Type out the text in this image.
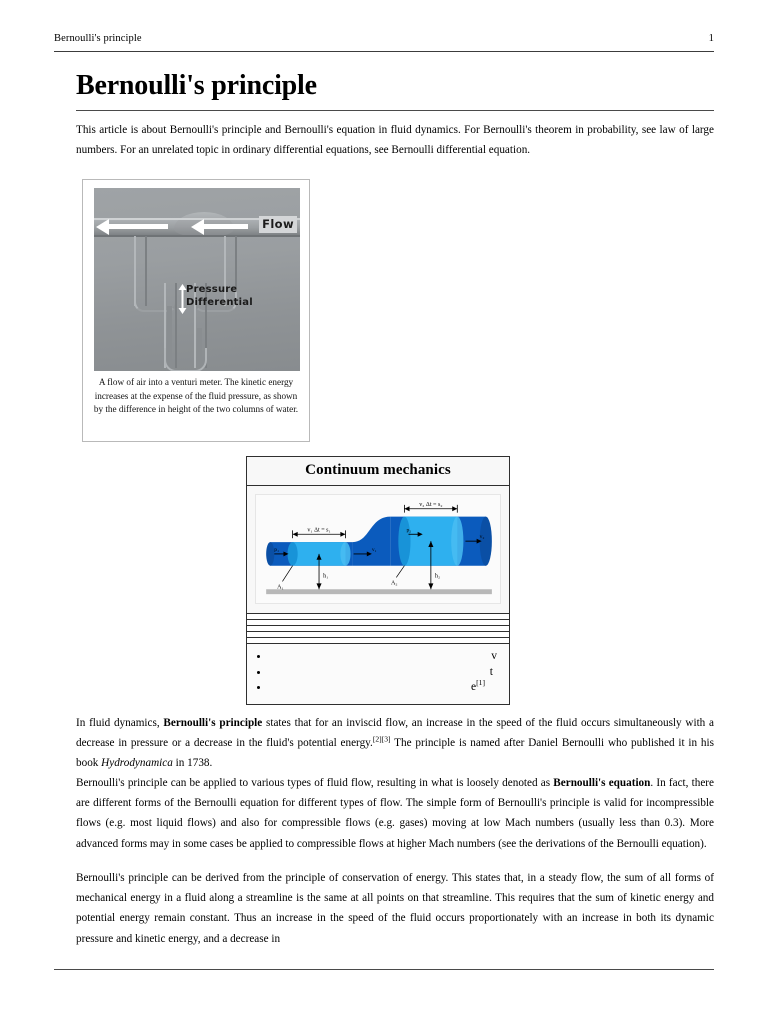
Bernoulli's principle	1
Bernoulli's principle
This article is about Bernoulli's principle and Bernoulli's equation in fluid dynamics. For Bernoulli's theorem in probability, see law of large numbers. For an unrelated topic in ordinary differential equations, see Bernoulli differential equation.
Flow
Pressure
Differential
A flow of air into a venturi meter. The kinetic energy increases at the expense of the fluid pressure, as shown by the difference in height of the two columns of water.
Continuum mechanics
v₁ Δt = s₁
v₂ Δt = s₂
A₁
A₂
h₁	h₂
p₁	v₁
p₂
v₂
• v
• t
• e[1]
In fluid dynamics, Bernoulli's principle states that for an inviscid flow, an increase in the speed of the fluid occurs simultaneously with a decrease in pressure or a decrease in the fluid's potential energy.[2][3] The principle is named after Daniel Bernoulli who published it in his book Hydrodynamica in 1738.
Bernoulli's principle can be applied to various types of fluid flow, resulting in what is loosely denoted as Bernoulli's equation. In fact, there are different forms of the Bernoulli equation for different types of flow. The simple form of Bernoulli's principle is valid for incompressible flows (e.g. most liquid flows) and also for compressible flows (e.g. gases) moving at low Mach numbers (usually less than 0.3). More advanced forms may in some cases be applied to compressible flows at higher Mach numbers (see the derivations of the Bernoulli equation).
Bernoulli's principle can be derived from the principle of conservation of energy. This states that, in a steady flow, the sum of all forms of mechanical energy in a fluid along a streamline is the same at all points on that streamline. This requires that the sum of kinetic energy and potential energy remain constant. Thus an increase in the speed of the fluid occurs proportionately with an increase in both its dynamic pressure and kinetic energy, and a decrease in
